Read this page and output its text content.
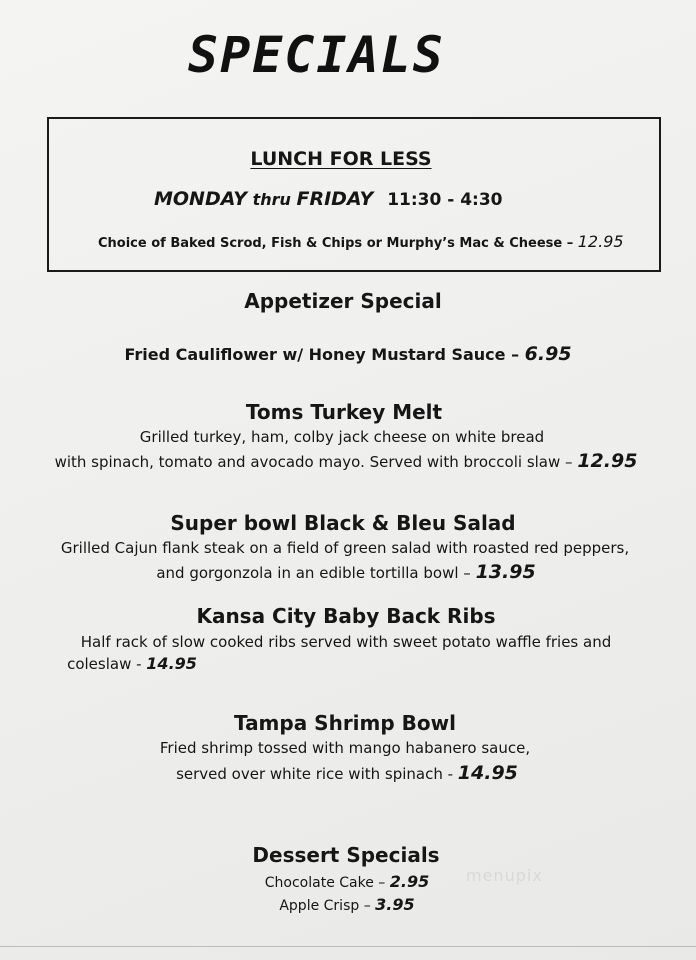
SPECIALS
LUNCH FOR LESS
MONDAY thru FRIDAY 11:30 - 4:30
Choice of Baked Scrod, Fish & Chips or Murphy’s Mac & Cheese – 12.95
Appetizer Special
Fried Cauliflower w/ Honey Mustard Sauce – 6.95
Toms Turkey Melt
Grilled turkey, ham, colby jack cheese on white bread
with spinach, tomato and avocado mayo. Served with broccoli slaw – 12.95
Super bowl Black & Bleu Salad
Grilled Cajun flank steak on a field of green salad with roasted red peppers,
and gorgonzola in an edible tortilla bowl – 13.95
Kansa City Baby Back Ribs
Half rack of slow cooked ribs served with sweet potato waffle fries and
coleslaw - 14.95
Tampa Shrimp Bowl
Fried shrimp tossed with mango habanero sauce,
served over white rice with spinach - 14.95
Dessert Specials
Chocolate Cake – 2.95
Apple Crisp – 3.95
menupix
